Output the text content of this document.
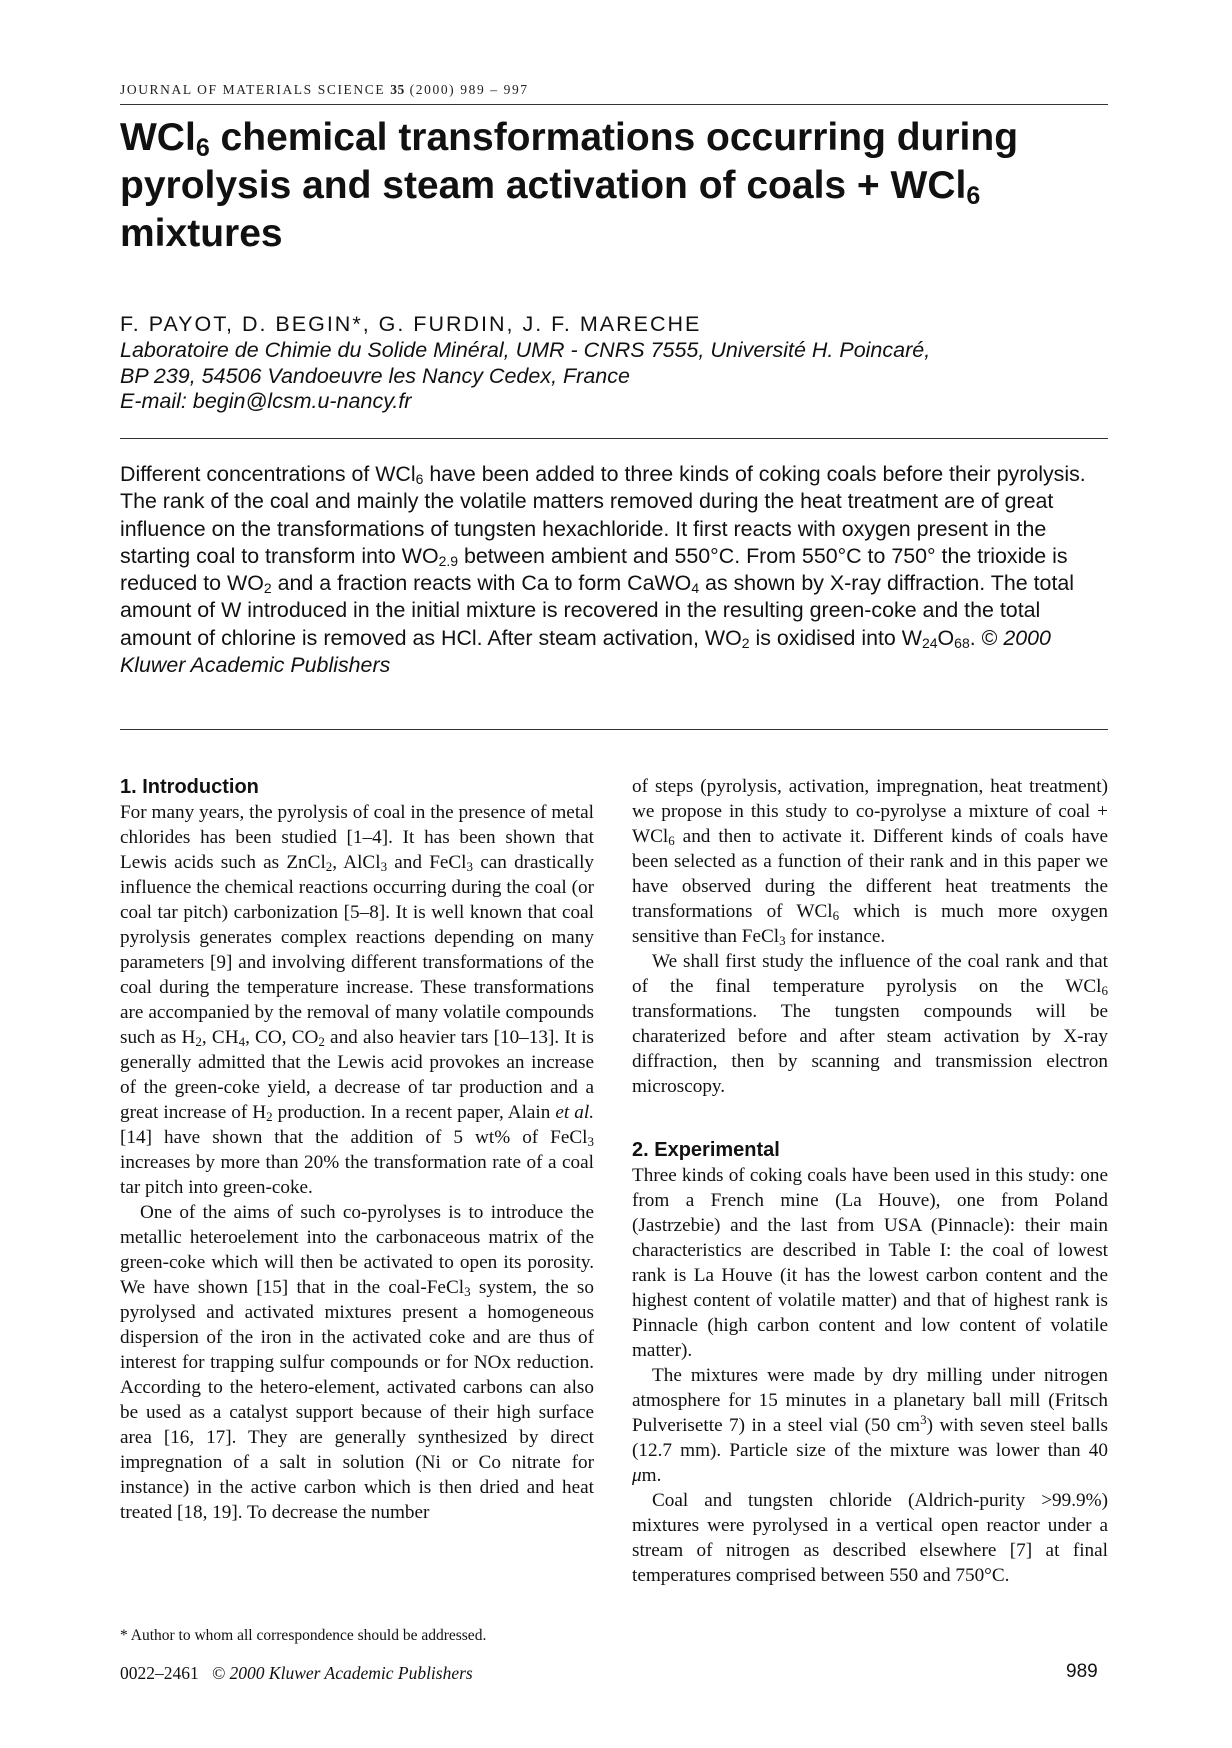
JOURNAL OF MATERIALS SCIENCE 35 (2000) 989 – 997
WCl$_6$ chemical transformations occurring during pyrolysis and steam activation of coals + WCl$_6$ mixtures
F. PAYOT, D. BEGIN*, G. FURDIN, J. F. MARECHE
Laboratoire de Chimie du Solide Minéral, UMR - CNRS 7555, Université H. Poincaré,
BP 239, 54506 Vandoeuvre les Nancy Cedex, France
E-mail: begin@lcsm.u-nancy.fr
Different concentrations of WCl$_6$ have been added to three kinds of coking coals before their pyrolysis. The rank of the coal and mainly the volatile matters removed during the heat treatment are of great influence on the transformations of tungsten hexachloride. It first reacts with oxygen present in the starting coal to transform into $WO_{2.9}$ between ambient and 550°C. From 550°C to 750° the trioxide is reduced to $WO_2$ and a fraction reacts with Ca to form CaWO$_4$ as shown by X-ray diffraction. The total amount of W introduced in the initial mixture is recovered in the resulting green-coke and the total amount of chlorine is removed as HCl. After steam activation, $WO_2$ is oxidised into $W_{24}O_{68}$. © 2000 Kluwer Academic Publishers
1. Introduction

For many years, the pyrolysis of coal in the presence of metal chlorides has been studied [1–4]. It has been shown that Lewis acids such as ZnCl$_2$, AlCl$_3$ and FeCl$_3$ can drastically influence the chemical reactions occurring during the coal (or coal tar pitch) carbonization [5–8]. It is well known that coal pyrolysis generates complex reactions depending on many parameters [9] and involving different transformations of the coal during the temperature increase. These transformations are accompanied by the removal of many volatile compounds such as $H_2$, $CH_4$, CO, $CO_2$ and also heavier tars [10–13]. It is generally admitted that the Lewis acid provokes an increase of the green-coke yield, a decrease of tar production and a great increase of $H_2$ production. In a recent paper, Alain et al. [14] have shown that the addition of 5 wt% of FeCl$_3$ increases by more than 20% the transformation rate of a coal tar pitch into green-coke.

One of the aims of such co-pyrolyses is to introduce the metallic heteroelement into the carbonaceous matrix of the green-coke which will then be activated to open its porosity. We have shown [15] that in the coal-FeCl$_3$ system, the so pyrolysed and activated mixtures present a homogeneous dispersion of the iron in the activated coke and are thus of interest for trapping sulfur compounds or for NOx reduction. According to the hetero-element, activated carbons can also be used as a catalyst support because of their high surface area [16, 17]. They are generally synthesized by direct impregnation of a salt in solution (Ni or Co nitrate for instance) in the active carbon which is then dried and heat treated [18, 19]. To decrease the number

of steps (pyrolysis, activation, impregnation, heat treatment) we propose in this study to co-pyrolyse a mixture of coal + WCl$_6$ and then to activate it. Different kinds of coals have been selected as a function of their rank and in this paper we have observed during the different heat treatments the transformations of WCl$_6$ which is much more oxygen sensitive than FeCl$_3$ for instance.

We shall first study the influence of the coal rank and that of the final temperature pyrolysis on the WCl$_6$ transformations. The tungsten compounds will be charaterized before and after steam activation by X-ray diffraction, then by scanning and transmission electron microscopy.

2. Experimental

Three kinds of coking coals have been used in this study: one from a French mine (La Houve), one from Poland (Jastrzebie) and the last from USA (Pinnacle): their main characteristics are described in Table I: the coal of lowest rank is La Houve (it has the lowest carbon content and the highest content of volatile matter) and that of highest rank is Pinnacle (high carbon content and low content of volatile matter).

The mixtures were made by dry milling under nitrogen atmosphere for 15 minutes in a planetary ball mill (Fritsch Pulverisette 7) in a steel vial (50 $cm^3$) with seven steel balls (12.7 mm). Particle size of the mixture was lower than 40 μm.

Coal and tungsten chloride (Aldrich-purity >99.9%) mixtures were pyrolysed in a vertical open reactor under a stream of nitrogen as described elsewhere [7] at final temperatures comprised between 550 and 750°C.

* Author to whom all correspondence should be addressed.
0022–2461 © 2000 Kluwer Academic Publishers	989
